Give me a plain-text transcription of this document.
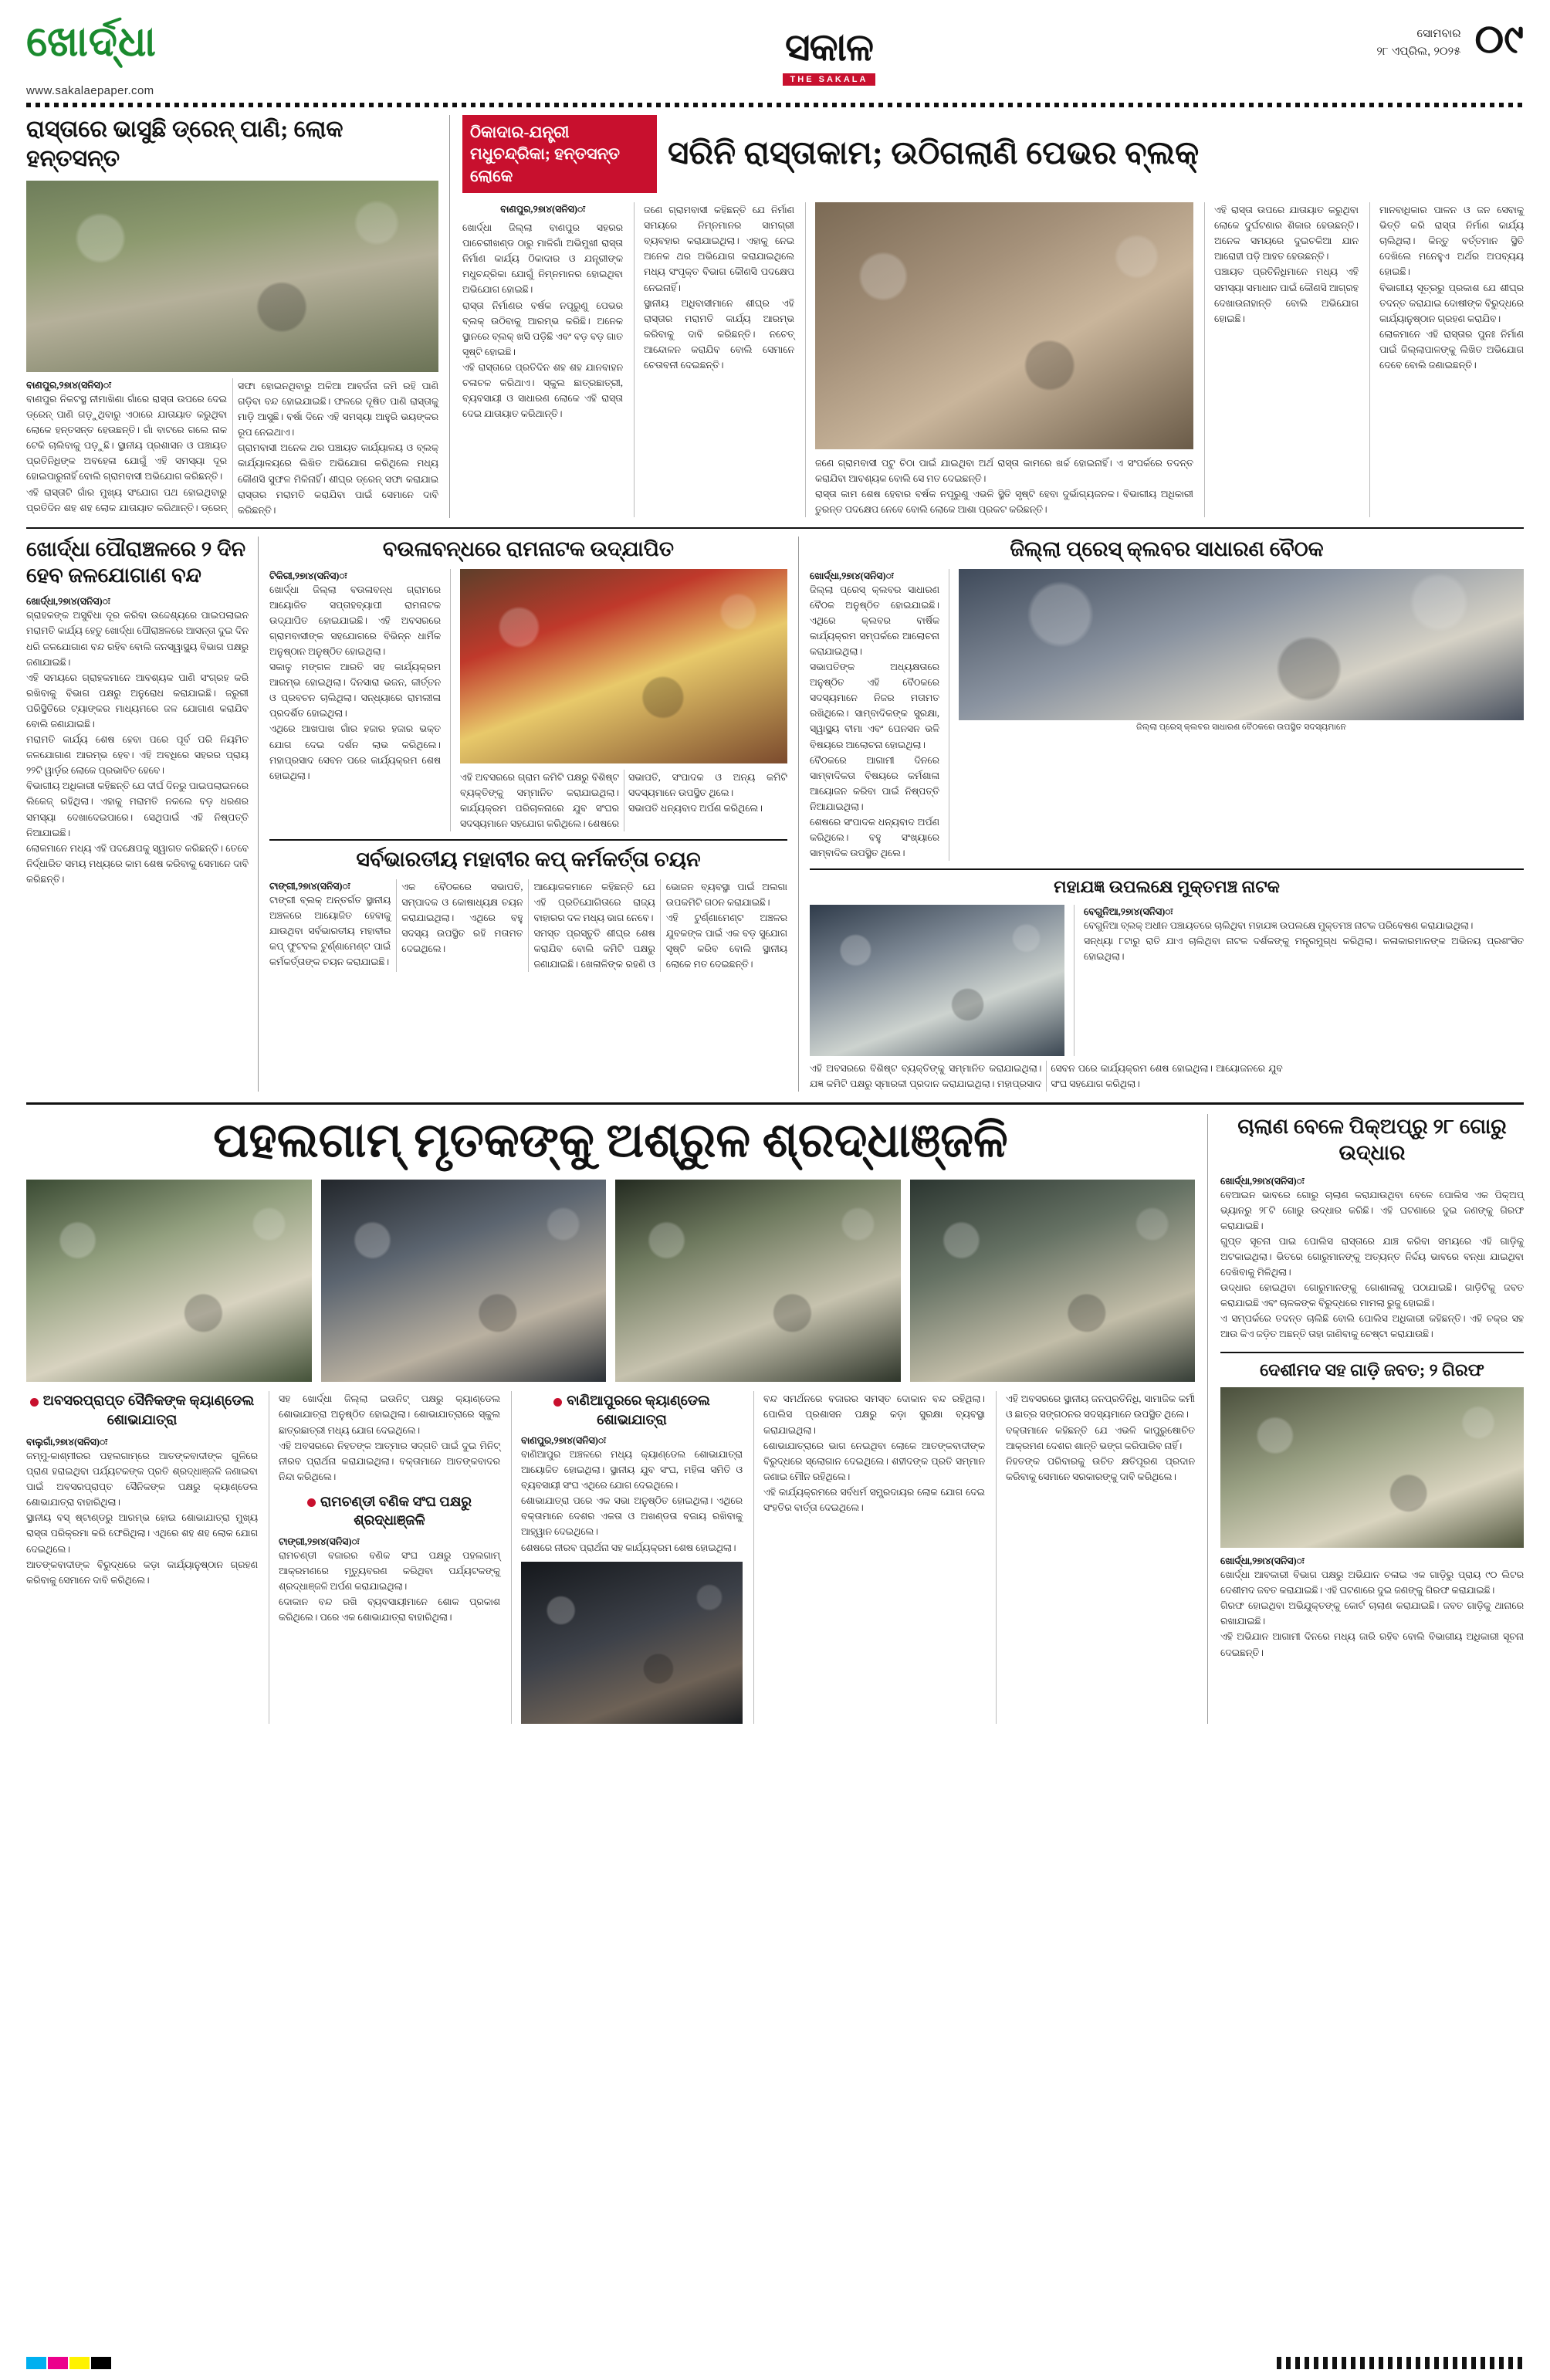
ଖୋର୍ଦ୍ଧା
www.sakalaepaper.com
ସକାଳ
THE SAKALA
ସୋମବାର
୨୮ ଏପ୍ରିଲ, ୨୦୨୫ ୦୯
ରାସ୍ତାରେ ଭାସୁଛି ଡ୍ରେନ୍ ପାଣି; ଲୋକ ହନ୍ତସନ୍ତ
ବାଣପୁର,୨୭ା୪(ସନିସ)ः
ବାଣପୁର ନିକଟସ୍ଥ ନୀମାଖିଣା ଗାଁରେ ରାସ୍ତା ଉପରେ ଦେଇ ଡ୍ରେନ୍ ପାଣି ଗଡ଼ୁଥିବାରୁ ଏଠାରେ ଯାତାୟାତ କରୁଥିବା ଲୋକେ ହନ୍ତସନ୍ତ ହେଉଛନ୍ତି। ଗାଁ ବାଟରେ ଗଲେ ନାକ ଟେକି ଚାଲିବାକୁ ପଡ଼ୁଛି। ସ୍ଥାନୀୟ ପ୍ରଶାସନ ଓ ପଞ୍ଚାୟତ ପ୍ରତିନିଧିଙ୍କ ଅବହେଳା ଯୋଗୁଁ ଏହି ସମସ୍ୟା ଦୂର ହୋଇପାରୁନାହିଁ ବୋଲି ଗ୍ରାମବାସୀ ଅଭିଯୋଗ କରିଛନ୍ତି।
ଏହି ରାସ୍ତାଟି ଗାଁର ମୁଖ୍ୟ ସଂଯୋଗ ପଥ ହୋଇଥିବାରୁ ପ୍ରତିଦିନ ଶହ ଶହ ଲୋକ ଯାତାୟାତ କରିଥାନ୍ତି। ଡ୍ରେନ୍ ସଫା ହୋଇନଥିବାରୁ ଅଳିଆ ଆବର୍ଜନା ଜମି ରହି ପାଣି ଗଡ଼ିବା ବନ୍ଦ ହୋଇଯାଇଛି। ଫଳରେ ଦୂଷିତ ପାଣି ରାସ୍ତାକୁ ମାଡ଼ି ଆସୁଛି। ବର୍ଷା ଦିନେ ଏହି ସମସ୍ୟା ଆହୁରି ଭୟଙ୍କର ରୂପ ନେଇଥାଏ।
ଗ୍ରାମବାସୀ ଅନେକ ଥର ପଞ୍ଚାୟତ କାର୍ଯ୍ୟାଳୟ ଓ ବ୍ଲକ୍ କାର୍ଯ୍ୟାଳୟରେ ଲିଖିତ ଅଭିଯୋଗ କରିଥିଲେ ମଧ୍ୟ କୌଣସି ସୁଫଳ ମିଳିନାହିଁ। ଶୀଘ୍ର ଡ୍ରେନ୍ ସଫା କରାଯାଇ ରାସ୍ତାର ମରାମତି କରାଯିବା ପାଇଁ ସେମାନେ ଦାବି କରିଛନ୍ତି।
ଠିକାଦାର-ଯନ୍ତ୍ରୀ ମଧୁଚନ୍ଦ୍ରିକା; ହନ୍ତସନ୍ତ ଲୋକେ
ସରିନି ରାସ୍ତାକାମ; ଉଠିଗଲାଣି ପେଭର ବ୍ଲକ୍
ବାଣପୁର,୨୭ା୪(ସନିସ)ः
ଖୋର୍ଦ୍ଧା ଜିଲ୍ଲା ବାଣପୁର ସହରର ପାଚେରୀଖଣ୍ଡ ଠାରୁ ମାଳିଗାଁ ଅଭିମୁଖୀ ରାସ୍ତା ନିର୍ମାଣ କାର୍ଯ୍ୟ ଠିକାଦାର ଓ ଯନ୍ତ୍ରୀଙ୍କ ମଧୁଚନ୍ଦ୍ରିକା ଯୋଗୁଁ ନିମ୍ନମାନର ହୋଇଥିବା ଅଭିଯୋଗ ହୋଇଛି।
ରାସ୍ତା ନିର୍ମାଣର ବର୍ଷକ ନପୂରୁଣୁ ପେଭର ବ୍ଲକ୍ ଉଠିବାକୁ ଆରମ୍ଭ କରିଛି। ଅନେକ ସ୍ଥାନରେ ବ୍ଲକ୍ ଖସି ପଡ଼ିଛି ଏବଂ ବଡ଼ ବଡ଼ ଗାତ ସୃଷ୍ଟି ହୋଇଛି।
ଏହି ରାସ୍ତାରେ ପ୍ରତିଦିନ ଶହ ଶହ ଯାନବାହନ ଚଳାଚଳ କରିଥାଏ। ସ୍କୁଲ ଛାତ୍ରଛାତ୍ରୀ, ବ୍ୟବସାୟୀ ଓ ସାଧାରଣ ଲୋକେ ଏହି ରାସ୍ତା ଦେଇ ଯାତାୟାତ କରିଥାନ୍ତି।
ଜଣେ ଗ୍ରାମବାସୀ କହିଛନ୍ତି ଯେ ନିର୍ମାଣ ସମୟରେ ନିମ୍ନମାନର ସାମଗ୍ରୀ ବ୍ୟବହାର କରାଯାଇଥିଲା। ଏହାକୁ ନେଇ ଅନେକ ଥର ଅଭିଯୋଗ କରାଯାଇଥିଲେ ମଧ୍ୟ ସଂପୃକ୍ତ ବିଭାଗ କୌଣସି ପଦକ୍ଷେପ ନେଇନାହିଁ।
ସ୍ଥାନୀୟ ଅଧିବାସୀମାନେ ଶୀଘ୍ର ଏହି ରାସ୍ତାର ମରାମତି କାର୍ଯ୍ୟ ଆରମ୍ଭ କରିବାକୁ ଦାବି କରିଛନ୍ତି। ନଚେତ୍ ଆନ୍ଦୋଳନ କରାଯିବ ବୋଲି ସେମାନେ ଚେତାବନୀ ଦେଇଛନ୍ତି।
ଜଣେ ଗ୍ରାମବାସୀ ପଟୁ ଚିଠା ପାଇଁ ଯାଇଥିବା ଅର୍ଥ ରାସ୍ତା କାମରେ ଖର୍ଚ୍ଚ ହୋଇନାହିଁ। ଏ ସଂପର୍କରେ ତଦନ୍ତ କରାଯିବା ଆବଶ୍ୟକ ବୋଲି ସେ ମତ ଦେଇଛନ୍ତି।
ରାସ୍ତା କାମ ଶେଷ ହେବାର ବର୍ଷକ ନପୂରୁଣୁ ଏଭଳି ସ୍ଥିତି ସୃଷ୍ଟି ହେବା ଦୁର୍ଭାଗ୍ୟଜନକ। ବିଭାଗୀୟ ଅଧିକାରୀ ତୁରନ୍ତ ପଦକ୍ଷେପ ନେବେ ବୋଲି ଲୋକେ ଆଶା ପ୍ରକଟ କରିଛନ୍ତି।
ଏହି ରାସ୍ତା ଉପରେ ଯାତାୟାତ କରୁଥିବା ଲୋକେ ଦୁର୍ଘଟଣାର ଶିକାର ହେଉଛନ୍ତି। ଅନେକ ସମୟରେ ଦୁଇଚକିଆ ଯାନ ଆରୋହୀ ପଡ଼ି ଆହତ ହେଉଛନ୍ତି।
ପଞ୍ଚାୟତ ପ୍ରତିନିଧିମାନେ ମଧ୍ୟ ଏହି ସମସ୍ୟା ସମାଧାନ ପାଇଁ କୌଣସି ଆଗ୍ରହ ଦେଖାଉନାହାନ୍ତି ବୋଲି ଅଭିଯୋଗ ହୋଇଛି।
ମାନବାଧିକାର ପାଳନ ଓ ଜନ ସେବାକୁ ଭିତ୍ତି କରି ରାସ୍ତା ନିର୍ମାଣ କାର୍ଯ୍ୟ ଚାଲିଥିଲା। କିନ୍ତୁ ବର୍ତ୍ତମାନ ସ୍ଥିତି ଦେଖିଲେ ମନେହୁଏ ଅର୍ଥର ଅପବ୍ୟୟ ହୋଇଛି।
ବିଭାଗୀୟ ସୂତ୍ରରୁ ପ୍ରକାଶ ଯେ ଶୀଘ୍ର ତଦନ୍ତ କରାଯାଇ ଦୋଷୀଙ୍କ ବିରୁଦ୍ଧରେ କାର୍ଯ୍ୟାନୁଷ୍ଠାନ ଗ୍ରହଣ କରାଯିବ।
ଲୋକମାନେ ଏହି ରାସ୍ତାର ପୁନଃ ନିର୍ମାଣ ପାଇଁ ଜିଲ୍ଲାପାଳଙ୍କୁ ଲିଖିତ ଅଭିଯୋଗ ଦେବେ ବୋଲି ଜଣାଇଛନ୍ତି।
ଖୋର୍ଦ୍ଧା ପୌରାଞ୍ଚଳରେ ୨ ଦିନ ହେବ ଜଳଯୋଗାଣ ବନ୍ଦ
ଖୋର୍ଦ୍ଧା,୨୭ା୪(ସନିସ)ः
ଗ୍ରାହକଙ୍କ ଅସୁବିଧା ଦୂର କରିବା ଉଦ୍ଦେଶ୍ୟରେ ପାଇପଲାଇନ ମରାମତି କାର୍ଯ୍ୟ ହେତୁ ଖୋର୍ଦ୍ଧା ପୌରାଞ୍ଚଳରେ ଆସନ୍ତା ଦୁଇ ଦିନ ଧରି ଜଳଯୋଗାଣ ବନ୍ଦ ରହିବ ବୋଲି ଜନସ୍ୱାସ୍ଥ୍ୟ ବିଭାଗ ପକ୍ଷରୁ ଜଣାଯାଇଛି।
ଏହି ସମୟରେ ଗ୍ରାହକମାନେ ଆବଶ୍ୟକ ପାଣି ସଂଗ୍ରହ କରି ରଖିବାକୁ ବିଭାଗ ପକ୍ଷରୁ ଅନୁରୋଧ କରାଯାଇଛି। ଜରୁରୀ ପରିସ୍ଥିତିରେ ଟ୍ୟାଙ୍କର ମାଧ୍ୟମରେ ଜଳ ଯୋଗାଣ କରାଯିବ ବୋଲି ଜଣାଯାଇଛି।
ମରାମତି କାର୍ଯ୍ୟ ଶେଷ ହେବା ପରେ ପୂର୍ବ ପରି ନିୟମିତ ଜଳଯୋଗାଣ ଆରମ୍ଭ ହେବ। ଏହି ଅବଧିରେ ସହରର ପ୍ରାୟ ୨୨ଟି ୱାର୍ଡ଼ର ଲୋକେ ପ୍ରଭାବିତ ହେବେ।
ବିଭାଗୀୟ ଅଧିକାରୀ କହିଛନ୍ତି ଯେ ଦୀର୍ଘ ଦିନରୁ ପାଇପଲାଇନରେ ଲିକେଜ୍ ରହିଥିଲା। ଏହାକୁ ମରାମତି ନକଲେ ବଡ଼ ଧରଣର ସମସ୍ୟା ଦେଖାଦେଇପାରେ। ସେଥିପାଇଁ ଏହି ନିଷ୍ପତ୍ତି ନିଆଯାଇଛି।
ଲୋକମାନେ ମଧ୍ୟ ଏହି ପଦକ୍ଷେପକୁ ସ୍ୱାଗତ କରିଛନ୍ତି। ତେବେ ନିର୍ଦ୍ଧାରିତ ସମୟ ମଧ୍ୟରେ କାମ ଶେଷ କରିବାକୁ ସେମାନେ ଦାବି କରିଛନ୍ତି।
ବଉଳାବନ୍ଧରେ ରାମନାଟକ ଉଦ୍‌ଯାପିତ
ଟିକିରୀ,୨୭ା୪(ସନିସ)ः
ଖୋର୍ଦ୍ଧା ଜିଲ୍ଲା ବଉଳାବନ୍ଧ ଗ୍ରାମରେ ଆୟୋଜିତ ସପ୍ତାହବ୍ୟାପୀ ରାମନାଟକ ଉଦ୍‌ଯାପିତ ହୋଇଯାଇଛି। ଏହି ଅବସରରେ ଗ୍ରାମବାସୀଙ୍କ ସହଯୋଗରେ ବିଭିନ୍ନ ଧାର୍ମିକ ଅନୁଷ୍ଠାନ ଅନୁଷ୍ଠିତ ହୋଇଥିଲା।
ସକାଳୁ ମଙ୍ଗଳ ଆରତି ସହ କାର୍ଯ୍ୟକ୍ରମ ଆରମ୍ଭ ହୋଇଥିଲା। ଦିନସାରା ଭଜନ, କୀର୍ତ୍ତନ ଓ ପ୍ରବଚନ ଚାଲିଥିଲା। ସନ୍ଧ୍ୟାରେ ରାମଲୀଳା ପ୍ରଦର୍ଶିତ ହୋଇଥିଲା।
ଏଥିରେ ଆଖପାଖ ଗାଁର ହଜାର ହଜାର ଭକ୍ତ ଯୋଗ ଦେଇ ଦର୍ଶନ ଲାଭ କରିଥିଲେ। ମହାପ୍ରସାଦ ସେବନ ପରେ କାର୍ଯ୍ୟକ୍ରମ ଶେଷ ହୋଇଥିଲା।	ଏହି ଅବସରରେ ଗ୍ରାମ କମିଟି ପକ୍ଷରୁ ବିଶିଷ୍ଟ ବ୍ୟକ୍ତିଙ୍କୁ ସମ୍ମାନିତ କରାଯାଇଥିଲା। ସଭାପତି, ସଂପାଦକ ଓ ଅନ୍ୟ କମିଟି ସଦସ୍ୟମାନେ ଉପସ୍ଥିତ ଥିଲେ।
କାର୍ଯ୍ୟକ୍ରମ ପରିଚାଳନାରେ ଯୁବ ସଂଘର ସଦସ୍ୟମାନେ ସହଯୋଗ କରିଥିଲେ। ଶେଷରେ ସଭାପତି ଧନ୍ୟବାଦ ଅର୍ପଣ କରିଥିଲେ।
ସର୍ବଭାରତୀୟ ମହାବୀର କପ୍ କର୍ମକର୍ତ୍ତା ଚୟନ
ଟାଙ୍ଗୀ,୨୭ା୪(ସନିସ)ः
ଟାଙ୍ଗୀ ବ୍ଲକ୍ ଅନ୍ତର୍ଗତ ସ୍ଥାନୀୟ ଅଞ୍ଚଳରେ ଆୟୋଜିତ ହେବାକୁ ଯାଉଥିବା ସର୍ବଭାରତୀୟ ମହାବୀର କପ୍ ଫୁଟବଲ ଟୁର୍ଣ୍ଣାମେଣ୍ଟ ପାଇଁ କର୍ମକର୍ତ୍ତାଙ୍କ ଚୟନ କରାଯାଇଛି।
ଏକ ବୈଠକରେ ସଭାପତି, ସମ୍ପାଦକ ଓ କୋଷାଧ୍ୟକ୍ଷ ଚୟନ କରାଯାଇଥିଲା। ଏଥିରେ ବହୁ ସଦସ୍ୟ ଉପସ୍ଥିତ ରହି ମତାମତ ଦେଇଥିଲେ।
ଆୟୋଜକମାନେ କହିଛନ୍ତି ଯେ ଏହି ପ୍ରତିଯୋଗିତାରେ ରାଜ୍ୟ ବାହାରର ଦଳ ମଧ୍ୟ ଭାଗ ନେବେ।
ସମସ୍ତ ପ୍ରସ୍ତୁତି ଶୀଘ୍ର ଶେଷ କରାଯିବ ବୋଲି କମିଟି ପକ୍ଷରୁ ଜଣାଯାଇଛି। ଖେଳାଳିଙ୍କ ରହଣି ଓ ଭୋଜନ ବ୍ୟବସ୍ଥା ପାଇଁ ଅଲଗା ଉପକମିଟି ଗଠନ କରାଯାଇଛି।
ଏହି ଟୁର୍ଣ୍ଣାମେଣ୍ଟ ଅଞ୍ଚଳର ଯୁବକଙ୍କ ପାଇଁ ଏକ ବଡ଼ ସୁଯୋଗ ସୃଷ୍ଟି କରିବ ବୋଲି ସ୍ଥାନୀୟ ଲୋକେ ମତ ଦେଇଛନ୍ତି।
ଜିଲ୍ଲା ପ୍ରେସ୍ କ୍ଲବର ସାଧାରଣ ବୈଠକ
ଖୋର୍ଦ୍ଧା,୨୭ା୪(ସନିସ)ः
ଜିଲ୍ଲା ପ୍ରେସ୍ କ୍ଲବର ସାଧାରଣ ବୈଠକ ଅନୁଷ୍ଠିତ ହୋଇଯାଇଛି। ଏଥିରେ କ୍ଲବର ବାର୍ଷିକ କାର୍ଯ୍ୟକ୍ରମ ସମ୍ପର୍କରେ ଆଲୋଚନା କରାଯାଇଥିଲା।
ସଭାପତିଙ୍କ ଅଧ୍ୟକ୍ଷତାରେ ଅନୁଷ୍ଠିତ ଏହି ବୈଠକରେ ସଦସ୍ୟମାନେ ନିଜର ମତାମତ ରଖିଥିଲେ। ସାମ୍ବାଦିକଙ୍କ ସୁରକ୍ଷା, ସ୍ୱାସ୍ଥ୍ୟ ବୀମା ଏବଂ ପେନସନ ଭଳି ବିଷୟରେ ଆଲୋଚନା ହୋଇଥିଲା।
ବୈଠକରେ ଆଗାମୀ ଦିନରେ ସାମ୍ବାଦିକତା ବିଷୟରେ କର୍ମଶାଳା ଆୟୋଜନ କରିବା ପାଇଁ ନିଷ୍ପତ୍ତି ନିଆଯାଇଥିଲା।
ଶେଷରେ ସଂପାଦକ ଧନ୍ୟବାଦ ଅର୍ପଣ କରିଥିଲେ। ବହୁ ସଂଖ୍ୟାରେ ସାମ୍ବାଦିକ ଉପସ୍ଥିତ ଥିଲେ।
ଜିଲ୍ଲା ପ୍ରେସ୍ କ୍ଲବର ସାଧାରଣ ବୈଠକରେ ଉପସ୍ଥିତ ସଦସ୍ୟମାନେ
ମହାଯଜ୍ଞ ଉପଲକ୍ଷେ ମୁକ୍ତମଞ୍ଚ ନାଟକ
ବେଗୁନିଆ,୨୭ା୪(ସନିସ)ः
ବେଗୁନିଆ ବ୍ଲକ୍ ଅଧୀନ ପଞ୍ଚାୟତରେ ଚାଲିଥିବା ମହାଯଜ୍ଞ ଉପଲକ୍ଷେ ମୁକ୍ତମଞ୍ଚ ନାଟକ ପରିବେଷଣ କରାଯାଇଥିଲା।
ସନ୍ଧ୍ୟା ୮ଟାରୁ ରାତି ଯାଏ ଚାଲିଥିବା ନାଟକ ଦର୍ଶକଙ୍କୁ ମନ୍ତ୍ରମୁଗ୍ଧ କରିଥିଲା। କଳାକାରମାନଙ୍କ ଅଭିନୟ ପ୍ରଶଂସିତ ହୋଇଥିଲା।
ଏହି ଅବସରରେ ବିଶିଷ୍ଟ ବ୍ୟକ୍ତିଙ୍କୁ ସମ୍ମାନିତ କରାଯାଇଥିଲା। ଯଜ୍ଞ କମିଟି ପକ୍ଷରୁ ସ୍ମାରକୀ ପ୍ରଦାନ କରାଯାଇଥିଲା। ମହାପ୍ରସାଦ ସେବନ ପରେ କାର୍ଯ୍ୟକ୍ରମ ଶେଷ ହୋଇଥିଲା। ଆୟୋଜନରେ ଯୁବ ସଂଘ ସହଯୋଗ କରିଥିଲା।
ପହଲଗାମ୍ ମୃତକଙ୍କୁ ଅଶ୍ରୁଳ ଶ୍ରଦ୍ଧାଞ୍ଜଳି
ଅବସରପ୍ରାପ୍ତ ସୈନିକଙ୍କ କ୍ୟାଣ୍ଡେଲ ଶୋଭାଯାତ୍ରା
ବାଲୁଗାଁ,୨୭ା୪(ସନିସ)ः
ଜମ୍ମୁ-କାଶ୍ମୀରର ପହଲଗାମ୍‌ରେ ଆତଙ୍କବାଦୀଙ୍କ ଗୁଳିରେ ପ୍ରାଣ ହରାଇଥିବା ପର୍ଯ୍ୟଟକଙ୍କ ପ୍ରତି ଶ୍ରଦ୍ଧାଞ୍ଜଳି ଜଣାଇବା ପାଇଁ ଅବସରପ୍ରାପ୍ତ ସୈନିକଙ୍କ ପକ୍ଷରୁ କ୍ୟାଣ୍ଡେଲ ଶୋଭାଯାତ୍ରା ବାହାରିଥିଲା।
ସ୍ଥାନୀୟ ବସ୍ ଷ୍ଟାଣ୍ଡରୁ ଆରମ୍ଭ ହୋଇ ଶୋଭାଯାତ୍ରା ମୁଖ୍ୟ ରାସ୍ତା ପରିକ୍ରମା କରି ଫେରିଥିଲା। ଏଥିରେ ଶହ ଶହ ଲୋକ ଯୋଗ ଦେଇଥିଲେ।
ଆତଙ୍କବାଦୀଙ୍କ ବିରୁଦ୍ଧରେ କଡ଼ା କାର୍ଯ୍ୟାନୁଷ୍ଠାନ ଗ୍ରହଣ କରିବାକୁ ସେମାନେ ଦାବି କରିଥିଲେ।
ସହ ଖୋର୍ଦ୍ଧା ଜିଲ୍ଲା ଇଉନିଟ୍ ପକ୍ଷରୁ କ୍ୟାଣ୍ଡେଲ ଶୋଭାଯାତ୍ରା ଅନୁଷ୍ଠିତ ହୋଇଥିଲା। ଶୋଭାଯାତ୍ରାରେ ସ୍କୁଲ ଛାତ୍ରଛାତ୍ରୀ ମଧ୍ୟ ଯୋଗ ଦେଇଥିଲେ।
ଏହି ଅବସରରେ ନିହତଙ୍କ ଆତ୍ମାର ସଦ୍‌ଗତି ପାଇଁ ଦୁଇ ମିନିଟ୍ ନୀରବ ପ୍ରାର୍ଥନା କରାଯାଇଥିଲା। ବକ୍ତାମାନେ ଆତଙ୍କବାଦର ନିନ୍ଦା କରିଥିଲେ।
ରାମଚଣ୍ଡୀ ବଣିକ ସଂଘ ପକ୍ଷରୁ ଶ୍ରଦ୍ଧାଞ୍ଜଳି
ଟାଙ୍ଗୀ,୨୭ା୪(ସନିସ)ः
ରାମଚଣ୍ଡୀ ବଜାରର ବଣିକ ସଂଘ ପକ୍ଷରୁ ପହଲଗାମ୍ ଆକ୍ରମଣରେ ମୃତ୍ୟୁବରଣ କରିଥିବା ପର୍ଯ୍ୟଟକଙ୍କୁ ଶ୍ରଦ୍ଧାଞ୍ଜଳି ଅର୍ପଣ କରାଯାଇଥିଲା।
ଦୋକାନ ବନ୍ଦ ରଖି ବ୍ୟବସାୟୀମାନେ ଶୋକ ପ୍ରକାଶ କରିଥିଲେ। ପରେ ଏକ ଶୋଭାଯାତ୍ରା ବାହାରିଥିଲା।
ବାଣିଆପୁରରେ କ୍ୟାଣ୍ଡେଲ ଶୋଭାଯାତ୍ରା
ବାଣପୁର,୨୭ା୪(ସନିସ)ः
ବାଣିଆପୁର ଅଞ୍ଚଳରେ ମଧ୍ୟ କ୍ୟାଣ୍ଡେଲ ଶୋଭାଯାତ୍ରା ଆୟୋଜିତ ହୋଇଥିଲା। ସ୍ଥାନୀୟ ଯୁବ ସଂଘ, ମହିଳା ସମିତି ଓ ବ୍ୟବସାୟୀ ସଂଘ ଏଥିରେ ଯୋଗ ଦେଇଥିଲେ।
ଶୋଭାଯାତ୍ରା ପରେ ଏକ ସଭା ଅନୁଷ୍ଠିତ ହୋଇଥିଲା। ଏଥିରେ ବକ୍ତାମାନେ ଦେଶର ଏକତା ଓ ଅଖଣ୍ଡତା ବଜାୟ ରଖିବାକୁ ଆହ୍ୱାନ ଦେଇଥିଲେ।
ଶେଷରେ ନୀରବ ପ୍ରାର୍ଥନା ସହ କାର୍ଯ୍ୟକ୍ରମ ଶେଷ ହୋଇଥିଲା।
ବନ୍ଦ ସମର୍ଥନରେ ବଜାରର ସମସ୍ତ ଦୋକାନ ବନ୍ଦ ରହିଥିଲା। ପୋଲିସ ପ୍ରଶାସନ ପକ୍ଷରୁ କଡ଼ା ସୁରକ୍ଷା ବ୍ୟବସ୍ଥା କରାଯାଇଥିଲା।
ଶୋଭାଯାତ୍ରାରେ ଭାଗ ନେଇଥିବା ଲୋକେ ଆତଙ୍କବାଦୀଙ୍କ ବିରୁଦ୍ଧରେ ସ୍ଲୋଗାନ ଦେଇଥିଲେ। ଶହୀଦଙ୍କ ପ୍ରତି ସମ୍ମାନ ଜଣାଇ ମୌନ ରହିଥିଲେ।
ଏହି କାର୍ଯ୍ୟକ୍ରମରେ ସର୍ବଧର୍ମ ସମ୍ପ୍ରଦାୟର ଲୋକ ଯୋଗ ଦେଇ ସଂହତିର ବାର୍ତ୍ତା ଦେଇଥିଲେ।
ଏହି ଅବସରରେ ସ୍ଥାନୀୟ ଜନପ୍ରତିନିଧି, ସାମାଜିକ କର୍ମୀ ଓ ଛାତ୍ର ସଙ୍ଗଠନର ସଦସ୍ୟମାନେ ଉପସ୍ଥିତ ଥିଲେ।
ବକ୍ତାମାନେ କହିଛନ୍ତି ଯେ ଏଭଳି କାପୁରୁଷୋଚିତ ଆକ୍ରମଣ ଦେଶର ଶାନ୍ତି ଭଙ୍ଗ କରିପାରିବ ନାହିଁ।
ନିହତଙ୍କ ପରିବାରକୁ ଉଚିତ କ୍ଷତିପୂରଣ ପ୍ରଦାନ କରିବାକୁ ସେମାନେ ସରକାରଙ୍କୁ ଦାବି କରିଥିଲେ।
ଚାଲାଣ ବେଳେ ପିକ୍‌ଅପ୍‌ରୁ ୨୮ ଗୋରୁ ଉଦ୍ଧାର
ଖୋର୍ଦ୍ଧା,୨୭ା୪(ସନିସ)ः
ବେଆଇନ ଭାବରେ ଗୋରୁ ଚାଲାଣ କରାଯାଉଥିବା ବେଳେ ପୋଲିସ ଏକ ପିକ୍‌ଅପ୍ ଭ୍ୟାନରୁ ୨୮ଟି ଗୋରୁ ଉଦ୍ଧାର କରିଛି। ଏହି ଘଟଣାରେ ଦୁଇ ଜଣଙ୍କୁ ଗିରଫ କରାଯାଇଛି।
ଗୁପ୍ତ ସୂଚନା ପାଇ ପୋଲିସ ରାସ୍ତାରେ ଯାଞ୍ଚ କରିବା ସମୟରେ ଏହି ଗାଡ଼ିକୁ ଅଟକାଇଥିଲା। ଭିତରେ ଗୋରୁମାନଙ୍କୁ ଅତ୍ୟନ୍ତ ନିର୍ଦ୍ଦୟ ଭାବରେ ବନ୍ଧା ଯାଇଥିବା ଦେଖିବାକୁ ମିଳିଥିଲା।
ଉଦ୍ଧାର ହୋଇଥିବା ଗୋରୁମାନଙ୍କୁ ଗୋଶାଳାକୁ ପଠାଯାଇଛି। ଗାଡ଼ିଟିକୁ ଜବତ କରାଯାଇଛି ଏବଂ ଚାଳକଙ୍କ ବିରୁଦ୍ଧରେ ମାମଲା ରୁଜୁ ହୋଇଛି।
ଏ ସମ୍ପର୍କରେ ତଦନ୍ତ ଚାଲିଛି ବୋଲି ପୋଲିସ ଅଧିକାରୀ କହିଛନ୍ତି। ଏହି ଚକ୍ର ସହ ଆଉ କିଏ ଜଡ଼ିତ ଅଛନ୍ତି ତାହା ଜାଣିବାକୁ ଚେଷ୍ଟା କରାଯାଉଛି।
ଦେଶୀମଦ ସହ ଗାଡ଼ି ଜବତ; ୨ ଗିରଫ
ଖୋର୍ଦ୍ଧା,୨୭ା୪(ସନିସ)ः
ଖୋର୍ଦ୍ଧା ଆବକାରୀ ବିଭାଗ ପକ୍ଷରୁ ଅଭିଯାନ ଚଳାଇ ଏକ ଗାଡ଼ିରୁ ପ୍ରାୟ ୯୦ ଲିଟର ଦେଶୀମଦ ଜବତ କରାଯାଇଛି। ଏହି ଘଟଣାରେ ଦୁଇ ଜଣଙ୍କୁ ଗିରଫ କରାଯାଇଛି।
ଗିରଫ ହୋଇଥିବା ଅଭିଯୁକ୍ତଙ୍କୁ କୋର୍ଟ ଚାଲାଣ କରାଯାଇଛି। ଜବତ ଗାଡ଼ିକୁ ଥାନାରେ ରଖାଯାଇଛି।
ଏହି ଅଭିଯାନ ଆଗାମୀ ଦିନରେ ମଧ୍ୟ ଜାରି ରହିବ ବୋଲି ବିଭାଗୀୟ ଅଧିକାରୀ ସୂଚନା ଦେଇଛନ୍ତି।
